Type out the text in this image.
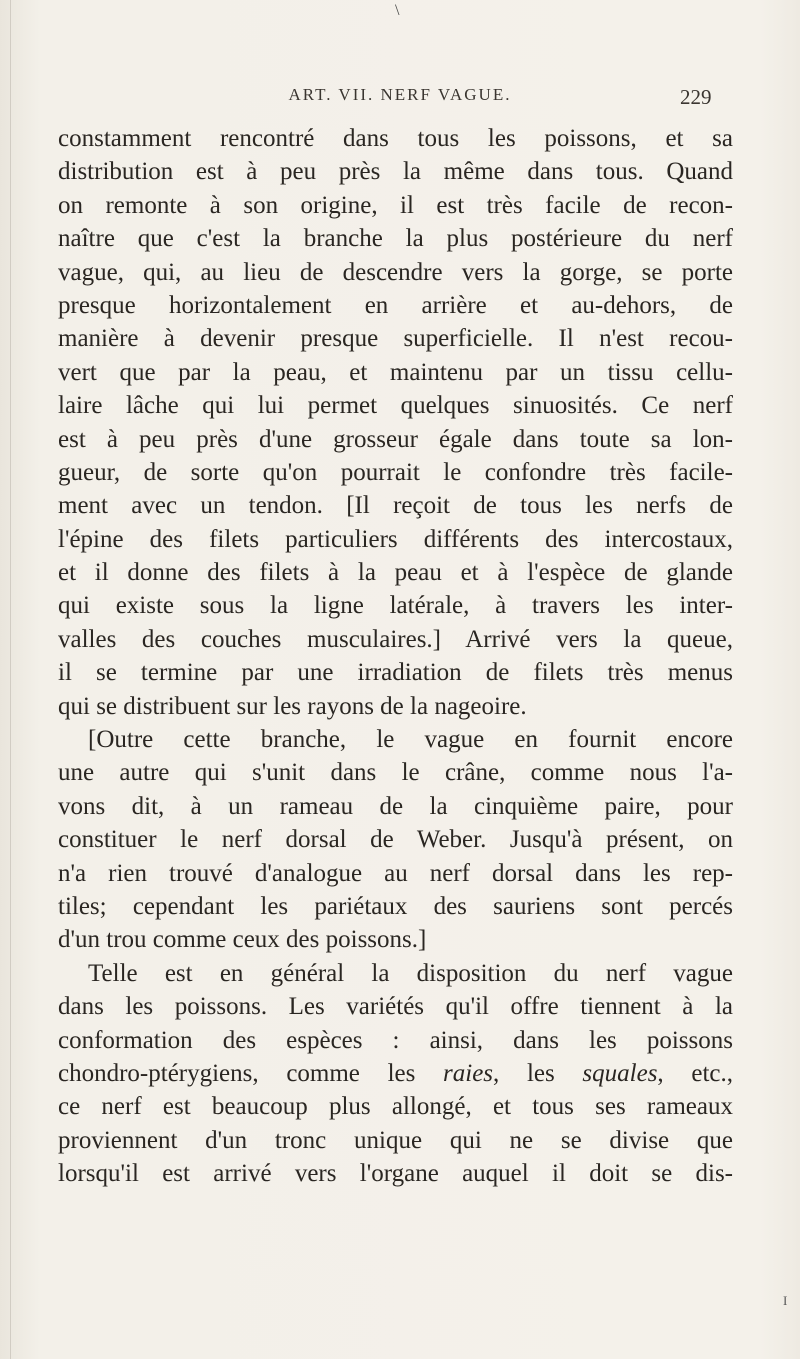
\
ART. VII. NERF VAGUE.	229
constamment rencontré dans tous les poissons, et sa
distribution est à peu près la même dans tous. Quand
on remonte à son origine, il est très facile de recon-
naître que c'est la branche la plus postérieure du nerf
vague, qui, au lieu de descendre vers la gorge, se porte
presque horizontalement en arrière et au-dehors, de
manière à devenir presque superficielle. Il n'est recou-
vert que par la peau, et maintenu par un tissu cellu-
laire lâche qui lui permet quelques sinuosités. Ce nerf
est à peu près d'une grosseur égale dans toute sa lon-
gueur, de sorte qu'on pourrait le confondre très facile-
ment avec un tendon. [Il reçoit de tous les nerfs de
l'épine des filets particuliers différents des intercostaux,
et il donne des filets à la peau et à l'espèce de glande
qui existe sous la ligne latérale, à travers les inter-
valles des couches musculaires.] Arrivé vers la queue,
il se termine par une irradiation de filets très menus
qui se distribuent sur les rayons de la nageoire.
[Outre cette branche, le vague en fournit encore
une autre qui s'unit dans le crâne, comme nous l'a-
vons dit, à un rameau de la cinquième paire, pour
constituer le nerf dorsal de Weber. Jusqu'à présent, on
n'a rien trouvé d'analogue au nerf dorsal dans les rep-
tiles; cependant les pariétaux des sauriens sont percés
d'un trou comme ceux des poissons.]
Telle est en général la disposition du nerf vague
dans les poissons. Les variétés qu'il offre tiennent à la
conformation des espèces : ainsi, dans les poissons
chondro-ptérygiens, comme les raies, les squales, etc.,
ce nerf est beaucoup plus allongé, et tous ses rameaux
proviennent d'un tronc unique qui ne se divise que
lorsqu'il est arrivé vers l'organe auquel il doit se dis-
I
